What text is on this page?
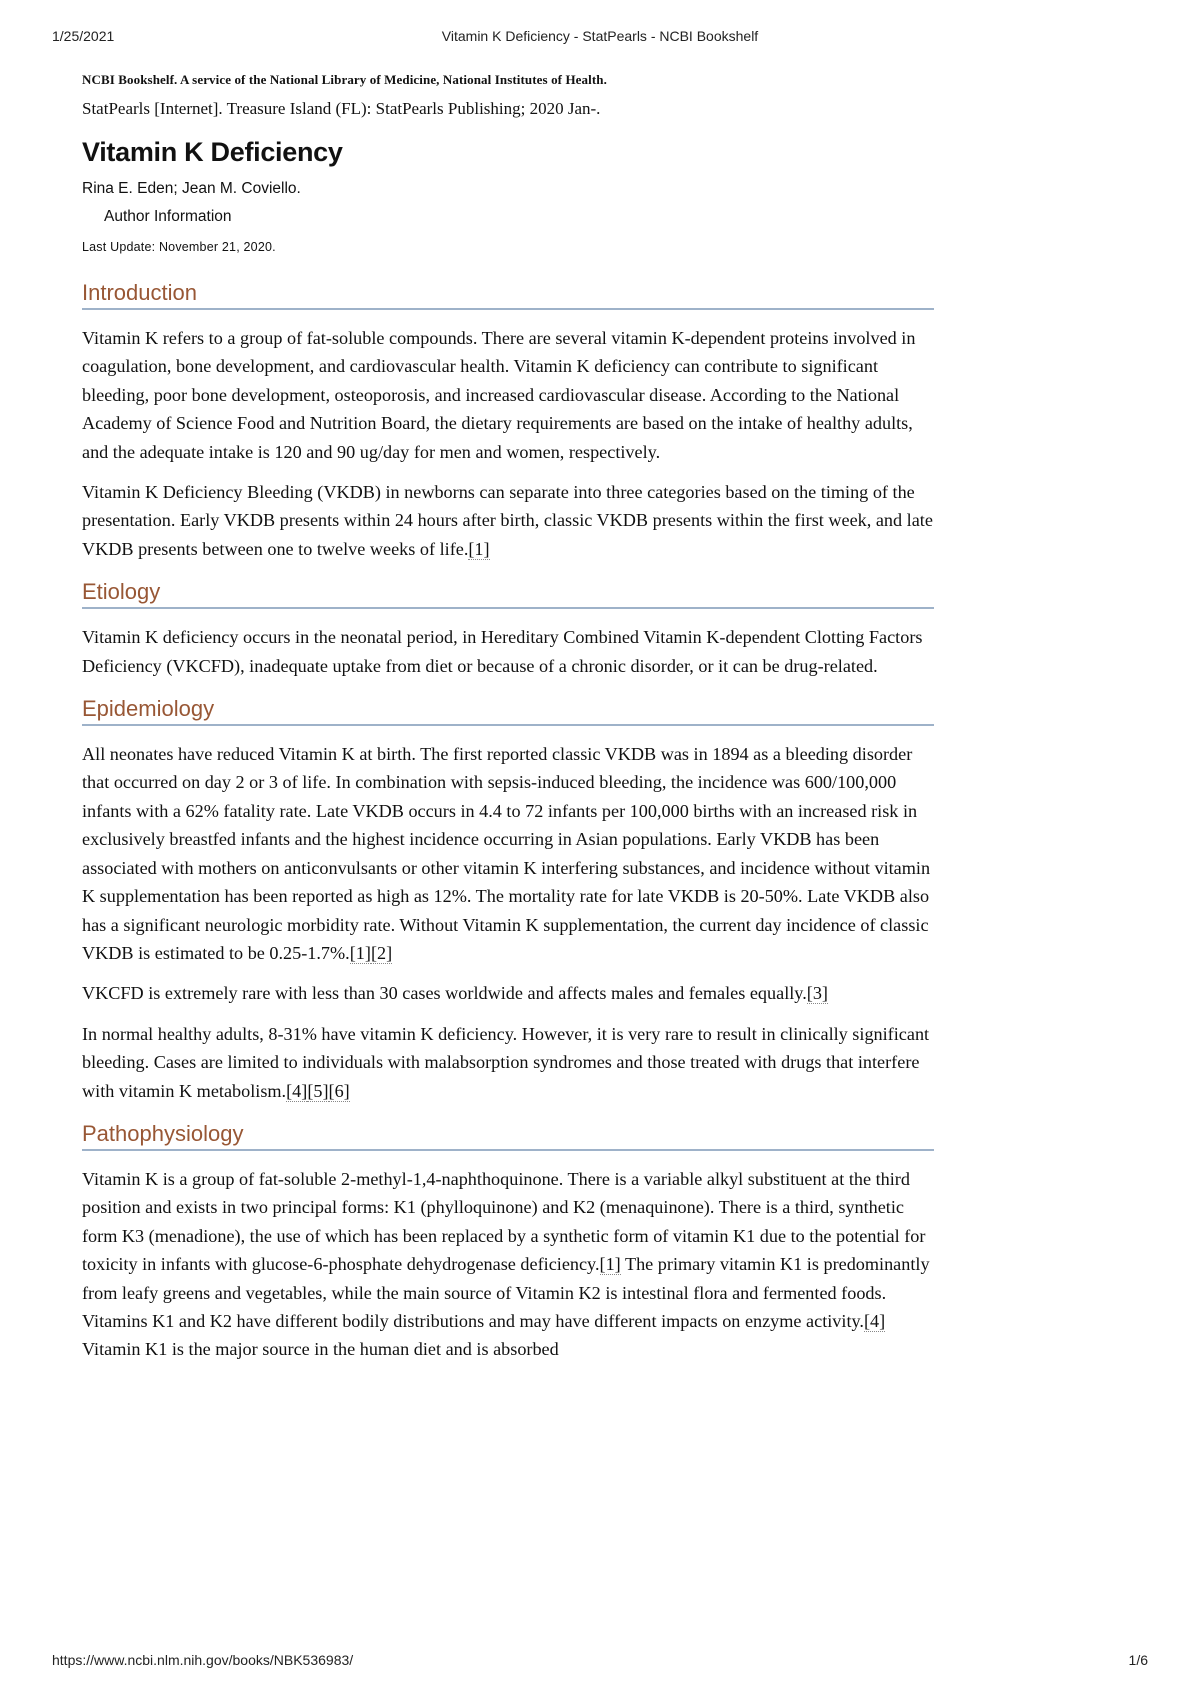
1/25/2021	Vitamin K Deficiency - StatPearls - NCBI Bookshelf
NCBI Bookshelf. A service of the National Library of Medicine, National Institutes of Health.
StatPearls [Internet]. Treasure Island (FL): StatPearls Publishing; 2020 Jan-.
Vitamin K Deficiency
Rina E. Eden; Jean M. Coviello.
Author Information
Last Update: November 21, 2020.
Introduction

Vitamin K refers to a group of fat-soluble compounds. There are several vitamin K-dependent proteins involved in coagulation, bone development, and cardiovascular health. Vitamin K deficiency can contribute to significant bleeding, poor bone development, osteoporosis, and increased cardiovascular disease. According to the National Academy of Science Food and Nutrition Board, the dietary requirements are based on the intake of healthy adults, and the adequate intake is 120 and 90 ug/day for men and women, respectively.

Vitamin K Deficiency Bleeding (VKDB) in newborns can separate into three categories based on the timing of the presentation. Early VKDB presents within 24 hours after birth, classic VKDB presents within the first week, and late VKDB presents between one to twelve weeks of life.[1]

Etiology

Vitamin K deficiency occurs in the neonatal period, in Hereditary Combined Vitamin K-dependent Clotting Factors Deficiency (VKCFD), inadequate uptake from diet or because of a chronic disorder, or it can be drug-related.

Epidemiology

All neonates have reduced Vitamin K at birth. The first reported classic VKDB was in 1894 as a bleeding disorder that occurred on day 2 or 3 of life. In combination with sepsis-induced bleeding, the incidence was 600/100,000 infants with a 62% fatality rate. Late VKDB occurs in 4.4 to 72 infants per 100,000 births with an increased risk in exclusively breastfed infants and the highest incidence occurring in Asian populations. Early VKDB has been associated with mothers on anticonvulsants or other vitamin K interfering substances, and incidence without vitamin K supplementation has been reported as high as 12%. The mortality rate for late VKDB is 20-50%. Late VKDB also has a significant neurologic morbidity rate. Without Vitamin K supplementation, the current day incidence of classic VKDB is estimated to be 0.25-1.7%.[1][2]

VKCFD is extremely rare with less than 30 cases worldwide and affects males and females equally.[3]

In normal healthy adults, 8-31% have vitamin K deficiency. However, it is very rare to result in clinically significant bleeding. Cases are limited to individuals with malabsorption syndromes and those treated with drugs that interfere with vitamin K metabolism.[4][5][6]

Pathophysiology

Vitamin K is a group of fat-soluble 2-methyl-1,4-naphthoquinone. There is a variable alkyl substituent at the third position and exists in two principal forms: K1 (phylloquinone) and K2 (menaquinone). There is a third, synthetic form K3 (menadione), the use of which has been replaced by a synthetic form of vitamin K1 due to the potential for toxicity in infants with glucose-6-phosphate dehydrogenase deficiency.[1] The primary vitamin K1 is predominantly from leafy greens and vegetables, while the main source of Vitamin K2 is intestinal flora and fermented foods. Vitamins K1 and K2 have different bodily distributions and may have different impacts on enzyme activity.[4] Vitamin K1 is the major source in the human diet and is absorbed

https://www.ncbi.nlm.nih.gov/books/NBK536983/	1/6
